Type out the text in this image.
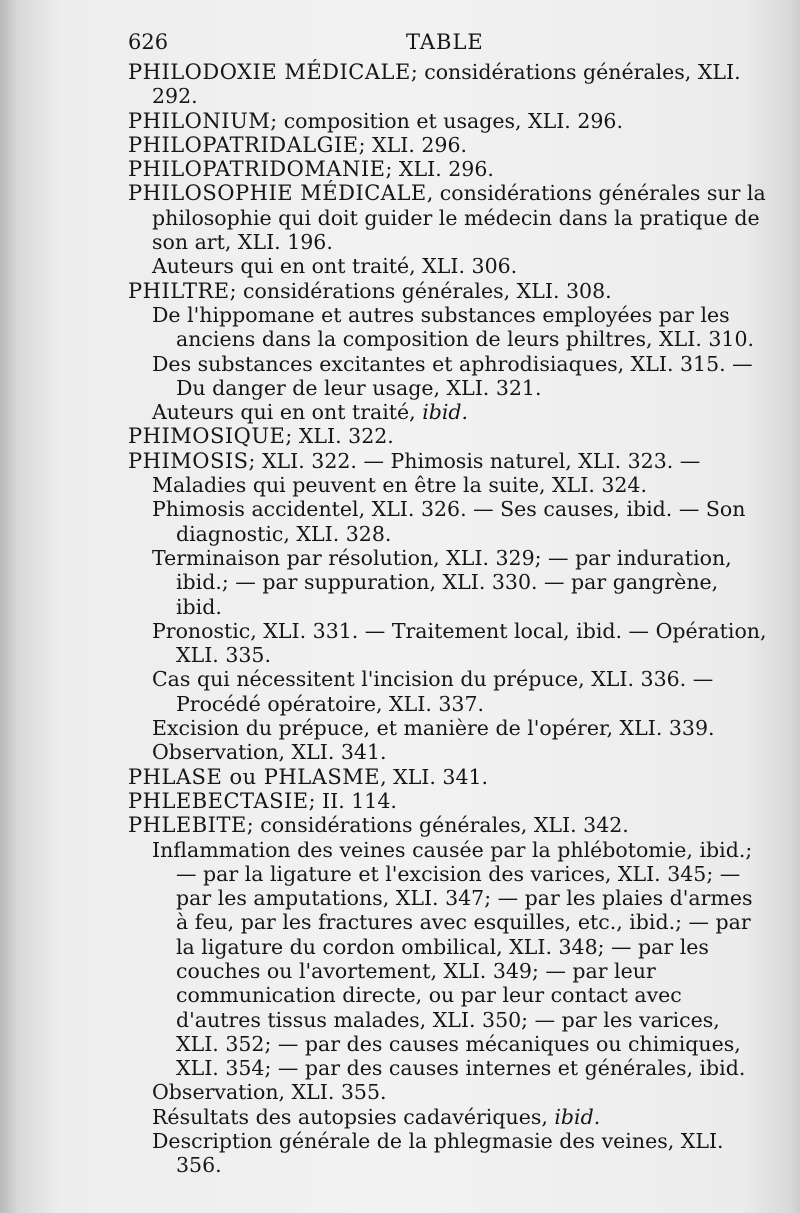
626	TABLE

PHILODOXIE MÉDICALE; considérations générales, XLI. 292.

PHILONIUM; composition et usages, XLI. 296.

PHILOPATRIDALGIE; XLI. 296.

PHILOPATRIDOMANIE; XLI. 296.

PHILOSOPHIE MÉDICALE, considérations générales sur la philosophie qui doit guider le médecin dans la pratique de son art, XLI. 196.

Auteurs qui en ont traité, XLI. 306.

PHILTRE; considérations générales, XLI. 308.

De l'hippomane et autres substances employées par les anciens dans la composition de leurs philtres, XLI. 310.

Des substances excitantes et aphrodisiaques, XLI. 315. — Du danger de leur usage, XLI. 321.

Auteurs qui en ont traité, ibid.

PHIMOSIQUE; XLI. 322.

PHIMOSIS; XLI. 322. — Phimosis naturel, XLI. 323. —

Maladies qui peuvent en être la suite, XLI. 324.

Phimosis accidentel, XLI. 326. — Ses causes, ibid. — Son diagnostic, XLI. 328.

Terminaison par résolution, XLI. 329; — par induration, ibid.; — par suppuration, XLI. 330. — par gangrène, ibid.

Pronostic, XLI. 331. — Traitement local, ibid. — Opération, XLI. 335.

Cas qui nécessitent l'incision du prépuce, XLI. 336. — Procédé opératoire, XLI. 337.

Excision du prépuce, et manière de l'opérer, XLI. 339.

Observation, XLI. 341.

PHLASE ou PHLASME, XLI. 341.

PHLEBECTASIE; II. 114.

PHLEBITE; considérations générales, XLI. 342.

Inflammation des veines causée par la phlébotomie, ibid.; — par la ligature et l'excision des varices, XLI. 345; — par les amputations, XLI. 347; — par les plaies d'armes à feu, par les fractures avec esquilles, etc., ibid.; — par la ligature du cordon ombilical, XLI. 348; — par les couches ou l'avortement, XLI. 349; — par leur communication directe, ou par leur contact avec d'autres tissus malades, XLI. 350; — par les varices, XLI. 352; — par des causes mécaniques ou chimiques, XLI. 354; — par des causes internes et générales, ibid.

Observation, XLI. 355.

Résultats des autopsies cadavériques, ibid.

Description générale de la phlegmasie des veines, XLI. 356.
